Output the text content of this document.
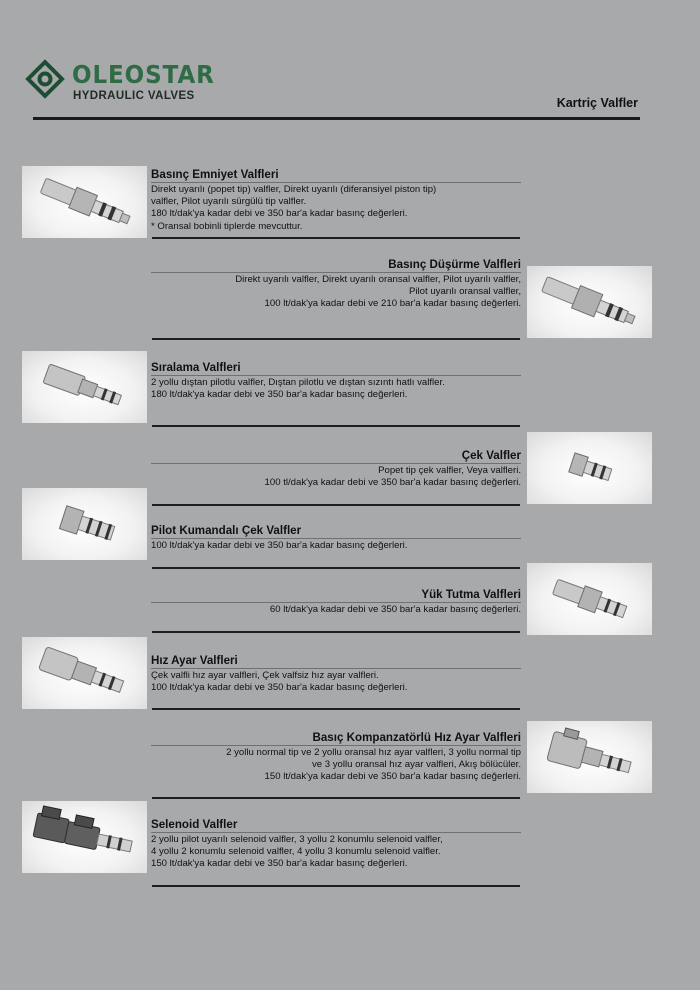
OLEOSTAR
HYDRAULIC VALVES	Kartriç Valfler
Basınç Emniyet Valfleri
Direkt uyarılı (popet tip) valfler, Direkt uyarılı (diferansiyel piston tip)
valfler, Pilot uyarılı sürgülü tip valfler.
180 lt/dak'ya kadar debi ve 350 bar'a kadar basınç değerleri.
* Oransal bobinli tiplerde mevcuttur.
Basınç Düşürme Valfleri
Direkt uyarılı valfler, Direkt uyarılı oransal valfler, Pilot uyarılı valfler,
Pilot uyarılı oransal valfler,
100 lt/dak'ya kadar debi ve 210 bar'a kadar basınç değerleri.
Sıralama Valfleri
2 yollu dıştan pilotlu valfler, Dıştan pilotlu ve dıştan sızıntı hatlı valfler.
180 lt/dak'ya kadar debi ve 350 bar'a kadar basınç değerleri.
Çek Valfler
Popet tip çek valfler, Veya valfleri.
100 tl/dak'ya kadar debi ve 350 bar'a kadar basınç değerleri.
Pilot Kumandalı Çek Valfler
100 lt/dak'ya kadar debi ve 350 bar'a kadar basınç değerleri.
Yük Tutma Valfleri
60 lt/dak'ya kadar debi ve 350 bar'a kadar basınç değerleri.
Hız Ayar Valfleri
Çek valfli hız ayar valfleri, Çek valfsiz hız ayar valfleri.
100 lt/dak'ya kadar debi ve 350 bar'a kadar basınç değerleri.
Basıç Kompanzatörlü Hız Ayar Valfleri
2 yollu normal tip ve 2 yollu oransal hız ayar valfleri, 3 yollu normal tip
ve 3 yollu oransal hız ayar valfleri, Akış bölücüler.
150 lt/dak'ya kadar debi ve 350 bar'a kadar basınç değerleri.
Selenoid Valfler
2 yollu pilot uyarılı selenoid valfler, 3 yollu 2 konumlu selenoid valfler,
4 yollu 2 konumlu selenoid valfler, 4 yollu 3 konumlu selenoid valfler.
150 lt/dak'ya kadar debi ve 350 bar'a kadar basınç değerleri.
